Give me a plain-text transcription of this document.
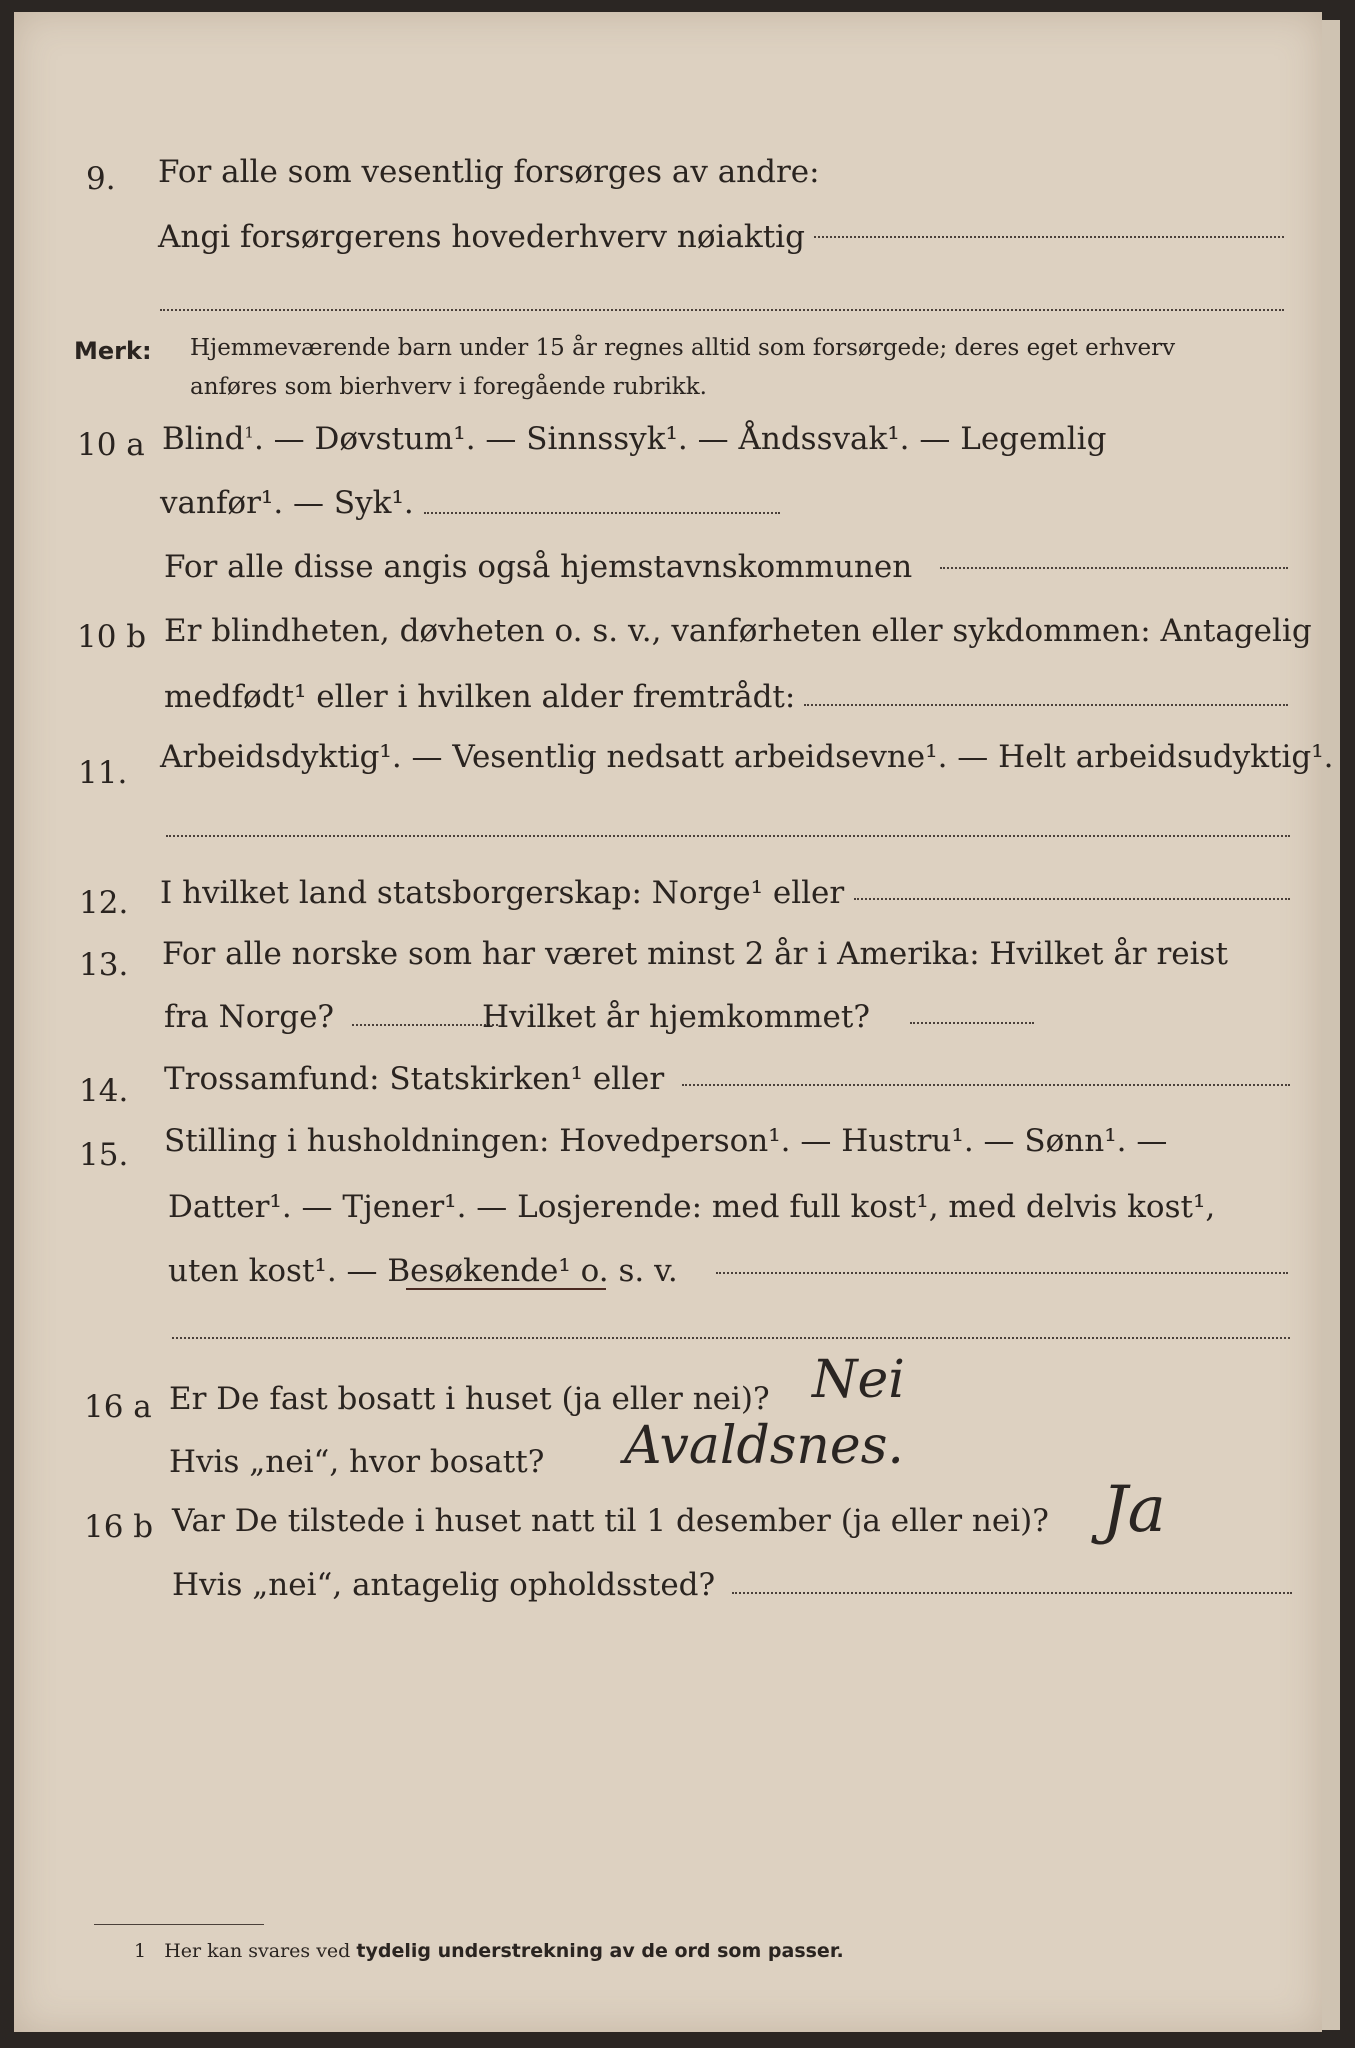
9. For alle som vesentlig forsørges av andre:
Angi forsørgerens hovederhverv nøiaktig
Merk: Hjemmeværende barn under 15 år regnes alltid som forsørgede; deres eget erhverv
anføres som bierhverv i foregående rubrikk.
10 a Blind$^1$. — Døvstum¹. — Sinnssyk¹. — Åndssvak¹. — Legemlig
vanfør¹. — Syk¹.
For alle disse angis også hjemstavnskommunen
10 b Er blindheten, døvheten o. s. v., vanførheten eller sykdommen: Antagelig
medfødt¹ eller i hvilken alder fremtrådt:
11. Arbeidsdyktig¹. — Vesentlig nedsatt arbeidsevne¹. — Helt arbeidsudyktig¹.
12. I hvilket land statsborgerskap: Norge¹ eller
13. For alle norske som har været minst 2 år i Amerika: Hvilket år reist
fra Norge?	Hvilket år hjemkommet?
14. Trossamfund: Statskirken¹ eller
15. Stilling i husholdningen: Hovedperson¹. — Hustru¹. — Sønn¹. —
Datter¹. — Tjener¹. — Losjerende: med full kost¹, med delvis kost¹,
uten kost¹. — Besøkende¹ o. s. v.
16 a Er De fast bosatt i huset (ja eller nei)? Nei
Hvis „nei“, hvor bosatt? Avaldsnes.
16 b Var De tilstede i huset natt til 1 desember (ja eller nei)? Ja
Hvis „nei“, antagelig opholdssted?
1 Her kan svares ved tydelig understrekning av de ord som passer.
